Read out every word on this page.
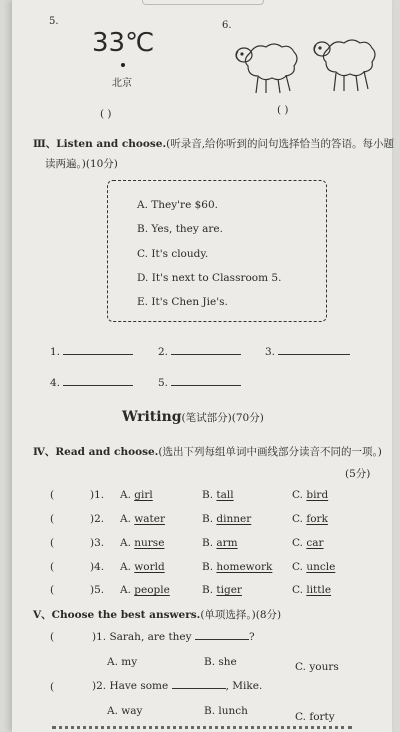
5.
33℃
北京
( )
6.
( )
Ⅲ、Listen and choose.(听录音,给你听到的问句选择恰当的答语。每小题
读两遍。)(10分)
A. They're $60.
B. Yes, they are.
C. It's cloudy.
D. It's next to Classroom 5.
E. It's Chen Jie's.
1.	2.	3.
4.	5.
Writing(笔试部分)(70分)
Ⅳ、Read and choose.(选出下列每组单词中画线部分读音不同的一项。)
(5分)
(	)1. A. girl	B. tall	C. bird
(	)2. A. water	B. dinner	C. fork
(	)3. A. nurse	B. arm	C. car
(	)4. A. world	B. homework C. uncle
(	)5. A. people	B. tiger	C. little
Ⅴ、Choose the best answers.(单项选择。)(8分)
(	)1. Sarah, are they	?
A. my	B. she	C. yours
(	)2. Have some	, Mike.
A. way	B. lunch	C. forty
